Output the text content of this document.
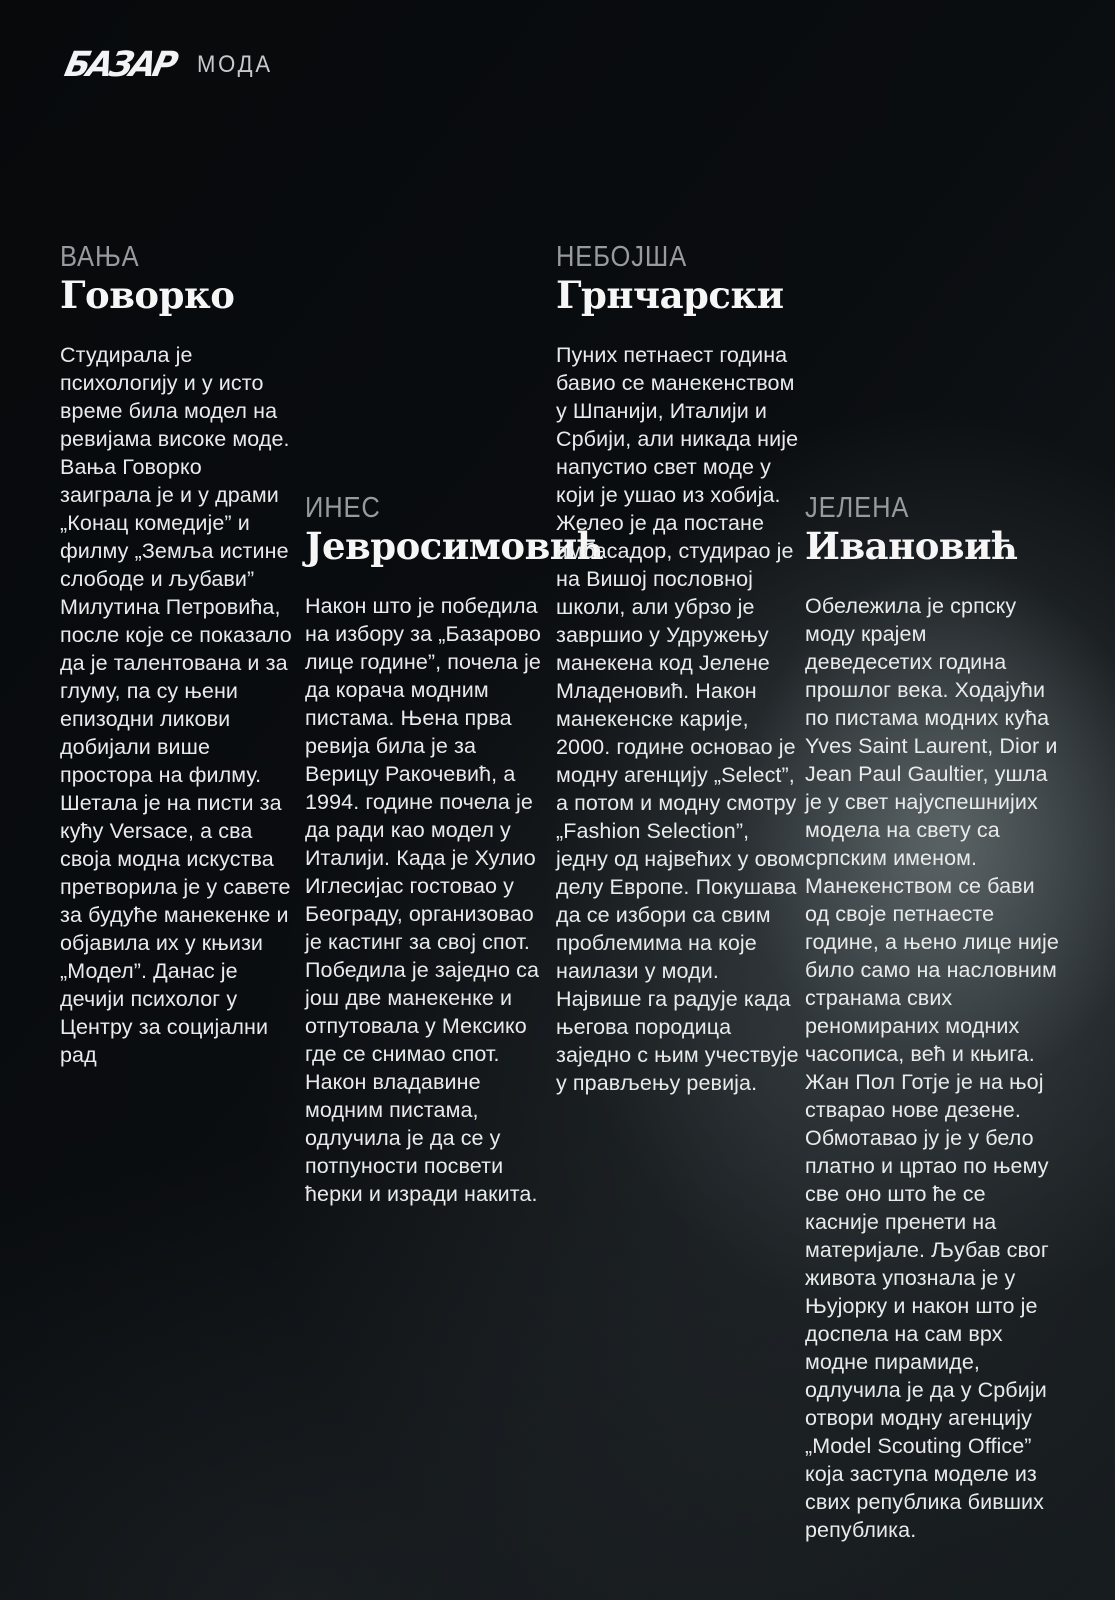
БАЗАР МОДА
ВАЊА
Говорко
Студирала је психологију и у исто време била модел на ревијама високе моде. Вања Говорко заиграла је и у драми „Конац комедије” и филму „Земља истине слободе и љубави” Милутина Петровића, после које се показало да је талентована и за глуму, па су њени епизодни ликови добијали више простора на филму. Шетала је на писти за кућу Versace, а сва своја модна искуства претворила је у савете за будуће манекенке и објавила их у књизи „Модел”. Данас је дечији психолог у Центру за социјални рад
ИНЕС
Јевросимовић
Након што је победила на избору за „Базарово лице године”, почела је да корача модним пистама. Њена прва ревија била је за Верицу Ракочевић, а 1994. године почела је да ради као модел у Италији. Када је Хулио Иглесијас гостовао у Београду, организовао је кастинг за свој спот. Победила је заједно са још две манекенке и отпутовала у Мексико где се снимао спот. Након владавине модним пистама, одлучила је да се у потпуности посвети ћерки и изради накита.
НЕБОЈША
Грнчарски
Пуних петнаест година бавио се манекенством у Шпанији, Италији и Србији, али никада није напустио свет моде у који је ушао из хобија. Желео је да постане амбасадор, студирао је на Вишој пословној школи, али убрзо је завршио у Удружењу манекена код Јелене Младеновић. Након манекенске карије, 2000. године основао је модну агенцију „Select”, а потом и модну смотру „Fashion Selection”, једну од највећих у овом делу Европе. Покушава да се избори са свим проблемима на које наилази у моди. Највише га радује када његова породица заједно с њим учествује у прављењу ревија.
ЈЕЛЕНА
Ивановић
Обележила је српску моду крајем деведесетих година прошлог века. Ходајући по пистама модних кућа Yves Saint Laurent, Dior и Jean Paul Gaultier, ушла је у свет најуспешнијих модела на свету са српским именом. Манекенством се бави од своје петнаесте године, а њено лице није било само на насловним странама свих реномираних модних часописа, већ и књига. Жан Пол Готје је на њој стварао нове дезене. Обмотавао ју је у бело платно и цртао по њему све оно што ће се касније пренети на материјале. Љубав свог живота упознала је у Њујорку и након што је доспела на сам врх модне пирамиде, одлучила је да у Србији отвори модну агенцију „Model Scouting Office” која заступа моделе из свих република бивших република.
